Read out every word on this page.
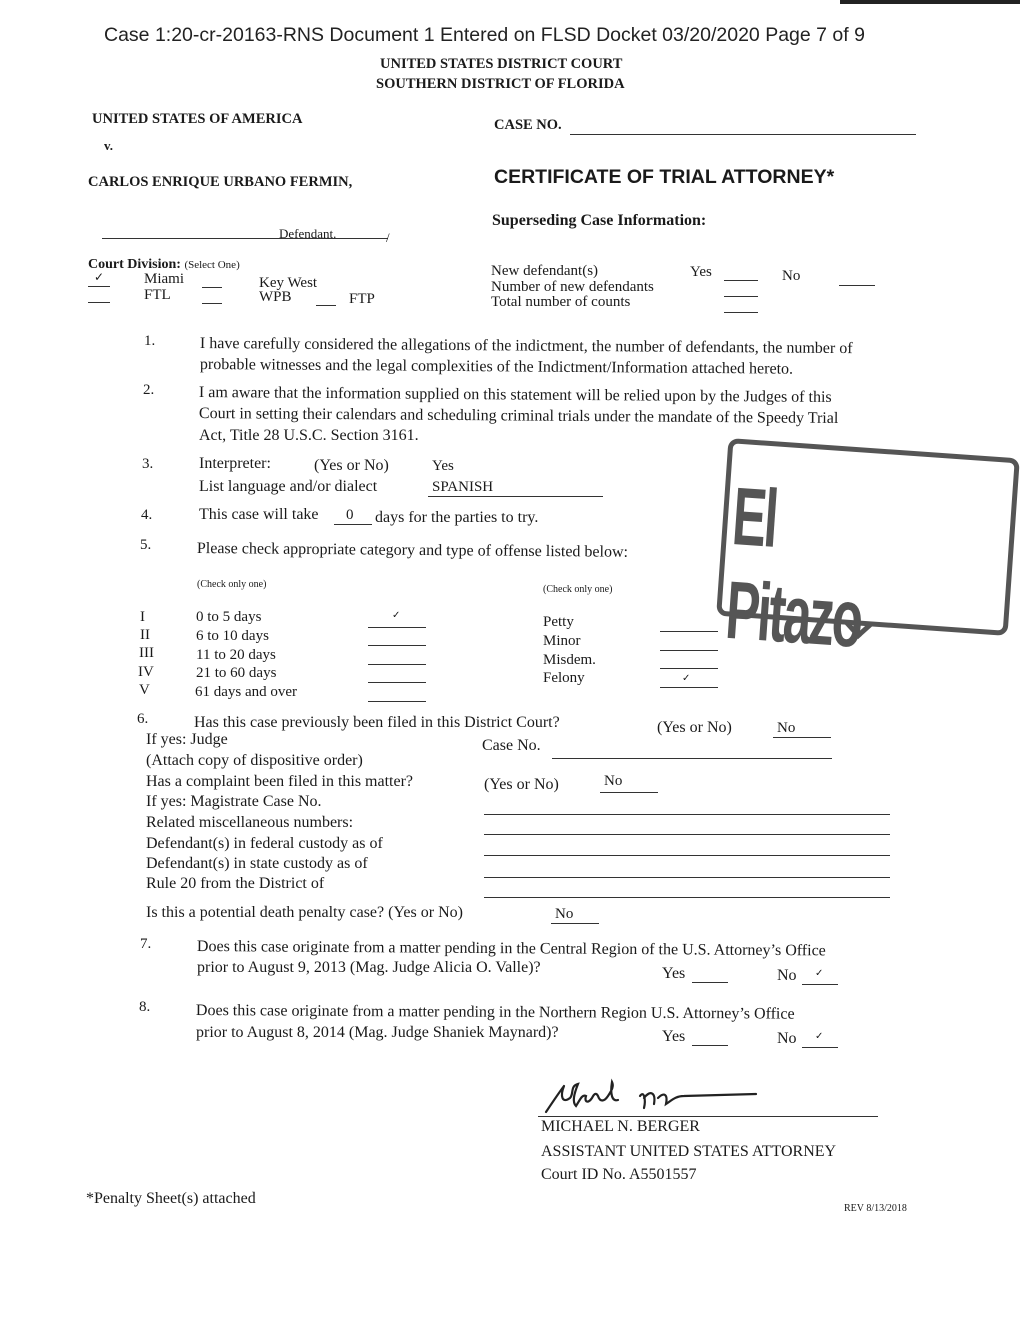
Case 1:20-cr-20163-RNS Document 1 Entered on FLSD Docket 03/20/2020 Page 7 of 9
UNITED STATES DISTRICT COURT
SOUTHERN DISTRICT OF FLORIDA
UNITED STATES OF AMERICA
v.
CARLOS ENRIQUE URBANO FERMIN,
Defendant.	/
CASE NO.
CERTIFICATE OF TRIAL ATTORNEY*
Superseding Case Information:
Court Division: (Select One)
✓	Miami	Key West
FTL	WPB	FTP
New defendant(s)	Yes	No
Number of new defendants
Total number of counts
1.	I have carefully considered the allegations of the indictment, the number of defendants, the number of
probable witnesses and the legal complexities of the Indictment/Information attached hereto.
2.	I am aware that the information supplied on this statement will be relied upon by the Judges of this
Court in setting their calendars and scheduling criminal trials under the mandate of the Speedy Trial
Act, Title 28 U.S.C. Section 3161.
3.	Interpreter:	(Yes or No)	Yes
List language and/or dialect	SPANISH
4.	This case will take 0 days for the parties to try.
5.	Please check appropriate category and type of offense listed below:
(Check only one)	(Check only one)
I	0 to 5 days	✓
II	6 to 10 days
III	11 to 20 days
IV	21 to 60 days
V	61 days and over
Petty
Minor
Misdem.
Felony	✓
6.	Has this case previously been filed in this District Court?	(Yes or No)	No
If yes: Judge	Case No.
(Attach copy of dispositive order)
Has a complaint been filed in this matter?	(Yes or No)	No
If yes: Magistrate Case No.
Related miscellaneous numbers:
Defendant(s) in federal custody as of
Defendant(s) in state custody as of
Rule 20 from the District of
Is this a potential death penalty case? (Yes or No)	No
7.	Does this case originate from a matter pending in the Central Region of the U.S. Attorney’s Office
prior to August 9, 2013 (Mag. Judge Alicia O. Valle)?	Yes	No ✓
8.	Does this case originate from a matter pending in the Northern Region U.S. Attorney’s Office
prior to August 8, 2014 (Mag. Judge Shaniek Maynard)?	Yes	No ✓
MICHAEL N. BERGER
ASSISTANT UNITED STATES ATTORNEY
Court ID No. A5501557
*Penalty Sheet(s) attached
REV 8/13/2018
El Pitazo
